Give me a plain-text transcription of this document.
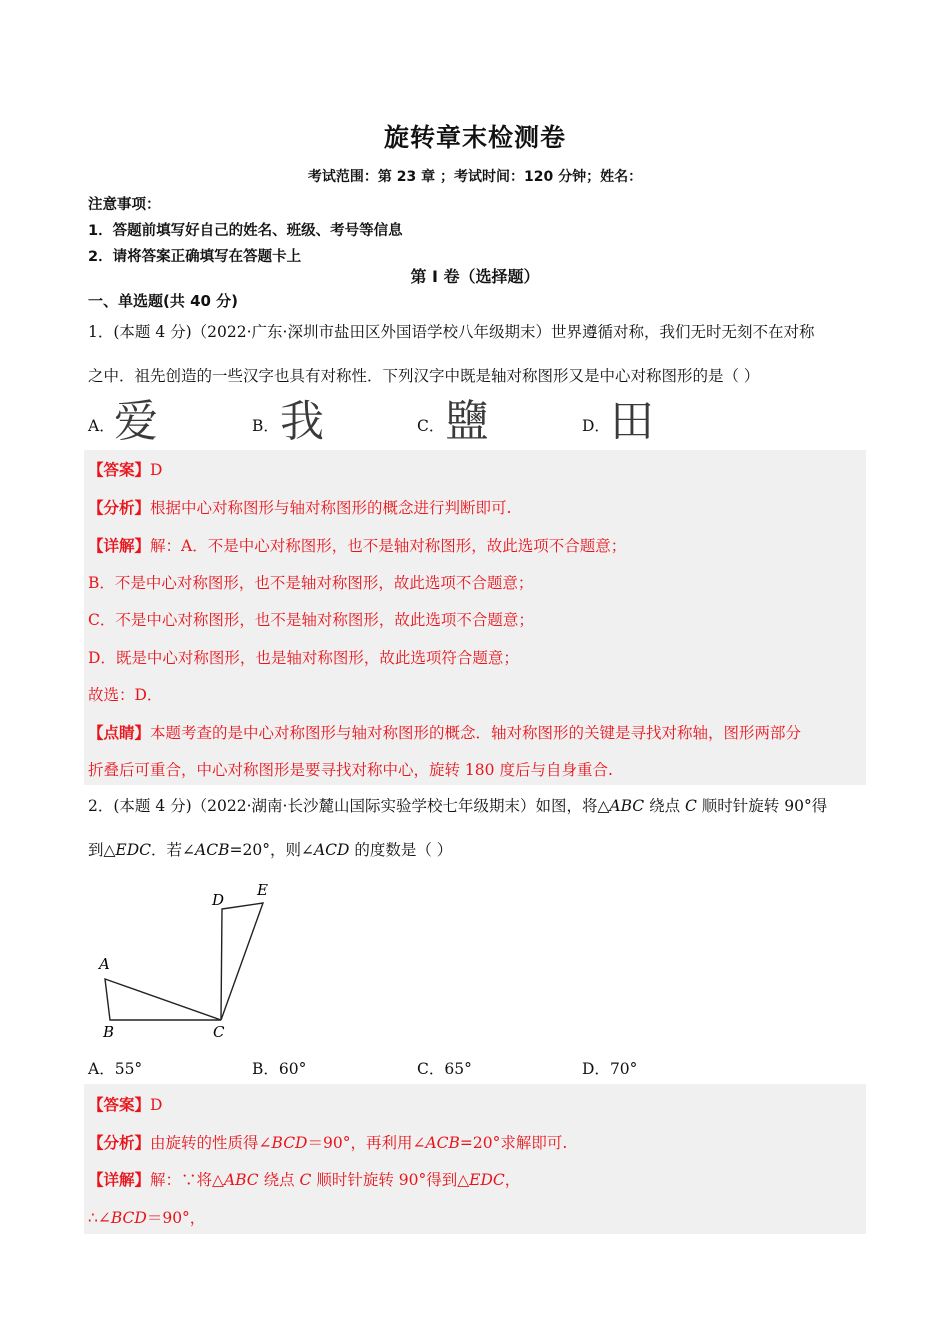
旋转章末检测卷
考试范围：第 23 章 ；考试时间：120 分钟；姓名：
注意事项：
1．答题前填写好自己的姓名、班级、考号等信息
2．请将答案正确填写在答题卡上
第 I 卷（选择题）
一、单选题(共 40 分)
1．(本题 4 分)（2022·广东·深圳市盐田区外国语学校八年级期末）世界遵循对称，我们无时无刻不在对称
之中．祖先创造的一些汉字也具有对称性．下列汉字中既是轴对称图形又是中心对称图形的是（ ）
A． 爱	B． 我	C． 鹽	D． 田
【答案】D
【分析】根据中心对称图形与轴对称图形的概念进行判断即可.
【详解】解：A．不是中心对称图形，也不是轴对称图形，故此选项不合题意；
B．不是中心对称图形，也不是轴对称图形，故此选项不合题意；
C．不是中心对称图形，也不是轴对称图形，故此选项不合题意；
D．既是中心对称图形，也是轴对称图形，故此选项符合题意；
故选：D．
【点睛】本题考查的是中心对称图形与轴对称图形的概念．轴对称图形的关键是寻找对称轴，图形两部分
折叠后可重合，中心对称图形是要寻找对称中心，旋转 180 度后与自身重合.
2．(本题 4 分)（2022·湖南·长沙麓山国际实验学校七年级期末）如图，将△ABC 绕点 C 顺时针旋转 90°得
到△EDC．若∠ACB=20°，则∠ACD 的度数是（ ）
A
B	C
D
E
A．55°	B．60°	C．65°	D．70°
【答案】D
【分析】由旋转的性质得∠BCD＝90°，再利用∠ACB=20°求解即可.
【详解】解：∵将△ABC 绕点 C 顺时针旋转 90°得到△EDC，
∴∠BCD＝90°，
